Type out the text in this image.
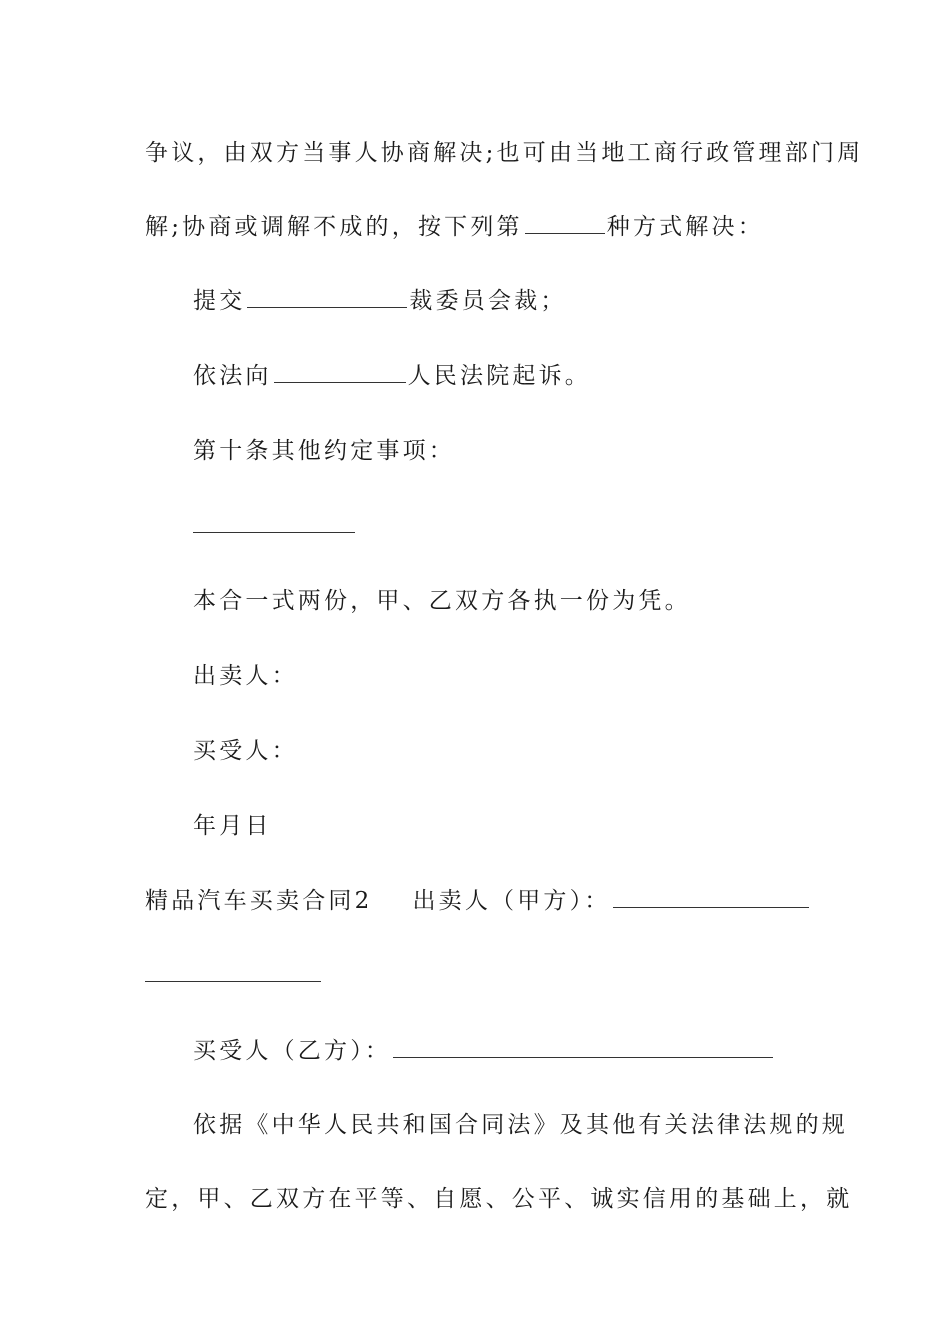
争议，由双方当事人协商解决;也可由当地工商行政管理部门周
解;协商或调解不成的，按下列第	种方式解决：
提交	裁委员会裁；
依法向	人民法院起诉。
第十条其他约定事项：
本合一式两份，甲、乙双方各执一份为凭。
出卖人：
买受人：
年月日
精品汽车买卖合同2 出卖人（甲方）：
买受人（乙方）：
依据《中华人民共和国合同法》及其他有关法律法规的规
定，甲、乙双方在平等、自愿、公平、诚实信用的基础上，就
